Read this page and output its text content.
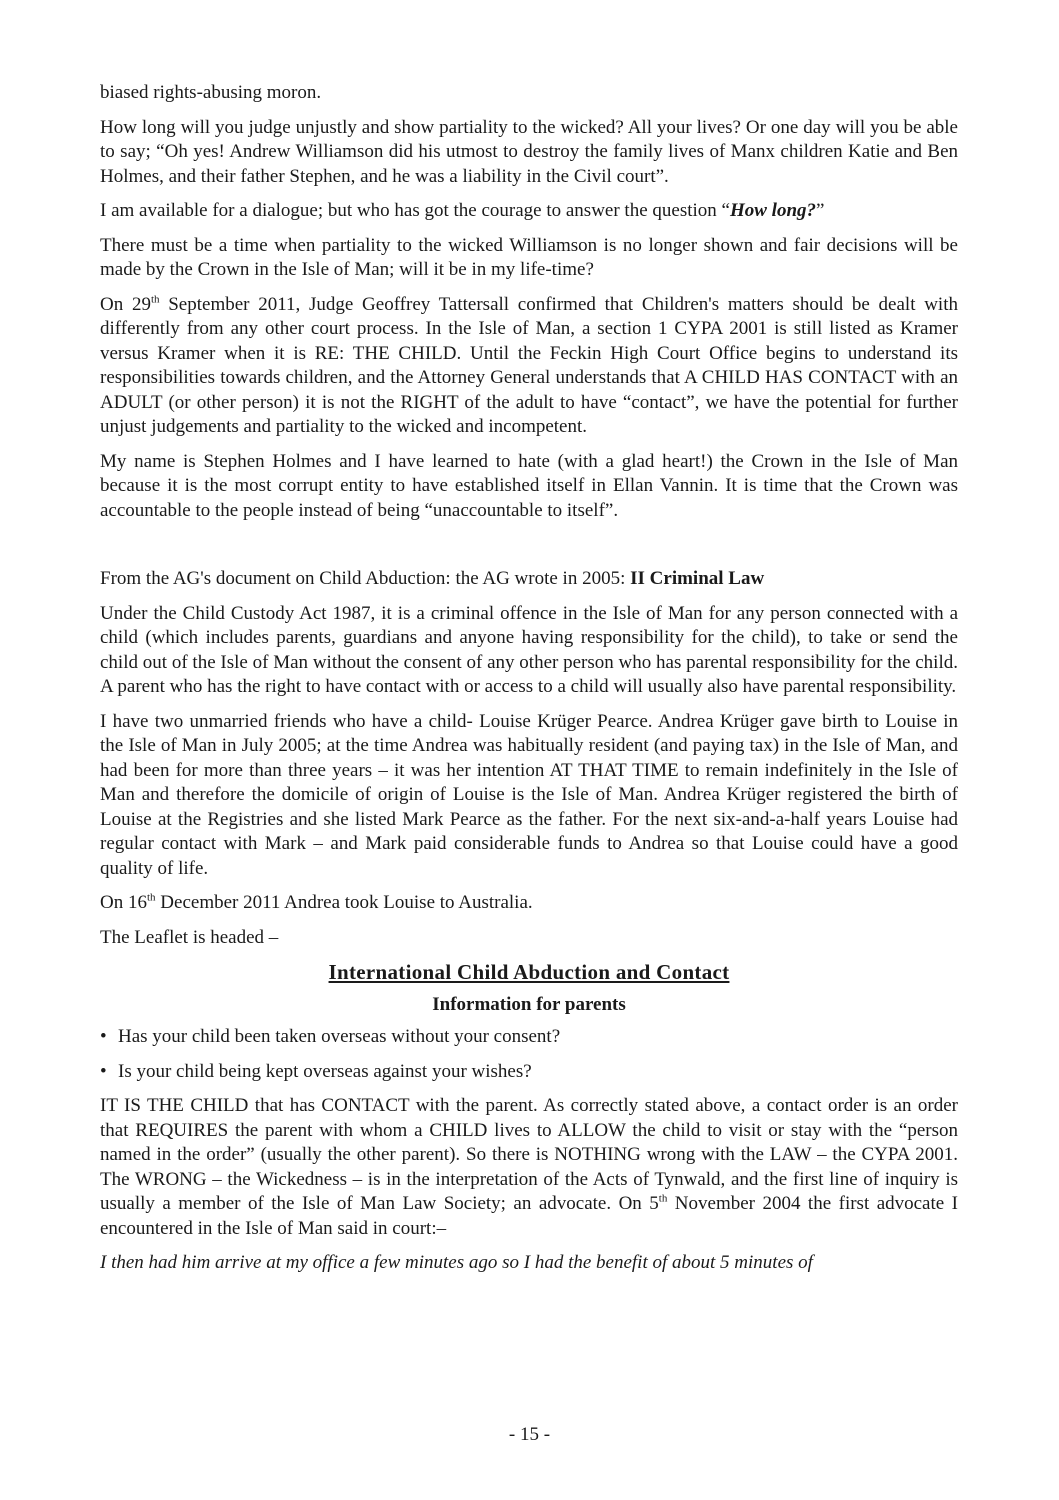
biased rights-abusing moron.

How long will you judge unjustly and show partiality to the wicked? All your lives? Or one day will you be able to say; “Oh yes! Andrew Williamson did his utmost to destroy the family lives of Manx children Katie and Ben Holmes, and their father Stephen, and he was a liability in the Civil court”.

I am available for a dialogue; but who has got the courage to answer the question “How long?”

There must be a time when partiality to the wicked Williamson is no longer shown and fair decisions will be made by the Crown in the Isle of Man; will it be in my life-time?

On 29th September 2011, Judge Geoffrey Tattersall confirmed that Children's matters should be dealt with differently from any other court process. In the Isle of Man, a section 1 CYPA 2001 is still listed as Kramer versus Kramer when it is RE: THE CHILD. Until the Feckin High Court Office begins to understand its responsibilities towards children, and the Attorney General understands that A CHILD HAS CONTACT with an ADULT (or other person) it is not the RIGHT of the adult to have “contact”, we have the potential for further unjust judgements and partiality to the wicked and incompetent.

My name is Stephen Holmes and I have learned to hate (with a glad heart!) the Crown in the Isle of Man because it is the most corrupt entity to have established itself in Ellan Vannin. It is time that the Crown was accountable to the people instead of being “unaccountable to itself”.

From the AG's document on Child Abduction: the AG wrote in 2005: II Criminal Law

Under the Child Custody Act 1987, it is a criminal offence in the Isle of Man for any person connected with a child (which includes parents, guardians and anyone having responsibility for the child), to take or send the child out of the Isle of Man without the consent of any other person who has parental responsibility for the child. A parent who has the right to have contact with or access to a child will usually also have parental responsibility.

I have two unmarried friends who have a child- Louise Krüger Pearce. Andrea Krüger gave birth to Louise in the Isle of Man in July 2005; at the time Andrea was habitually resident (and paying tax) in the Isle of Man, and had been for more than three years – it was her intention AT THAT TIME to remain indefinitely in the Isle of Man and therefore the domicile of origin of Louise is the Isle of Man. Andrea Krüger registered the birth of Louise at the Registries and she listed Mark Pearce as the father. For the next six-and-a-half years Louise had regular contact with Mark – and Mark paid considerable funds to Andrea so that Louise could have a good quality of life.

On 16th December 2011 Andrea took Louise to Australia.

The Leaflet is headed –

International Child Abduction and Contact
Information for parents
• Has your child been taken overseas without your consent?
• Is your child being kept overseas against your wishes?

IT IS THE CHILD that has CONTACT with the parent. As correctly stated above, a contact order is an order that REQUIRES the parent with whom a CHILD lives to ALLOW the child to visit or stay with the “person named in the order” (usually the other parent). So there is NOTHING wrong with the LAW – the CYPA 2001. The WRONG – the Wickedness – is in the interpretation of the Acts of Tynwald, and the first line of inquiry is usually a member of the Isle of Man Law Society; an advocate. On 5th November 2004 the first advocate I encountered in the Isle of Man said in court:–

I then had him arrive at my office a few minutes ago so I had the benefit of about 5 minutes of

- 15 -
